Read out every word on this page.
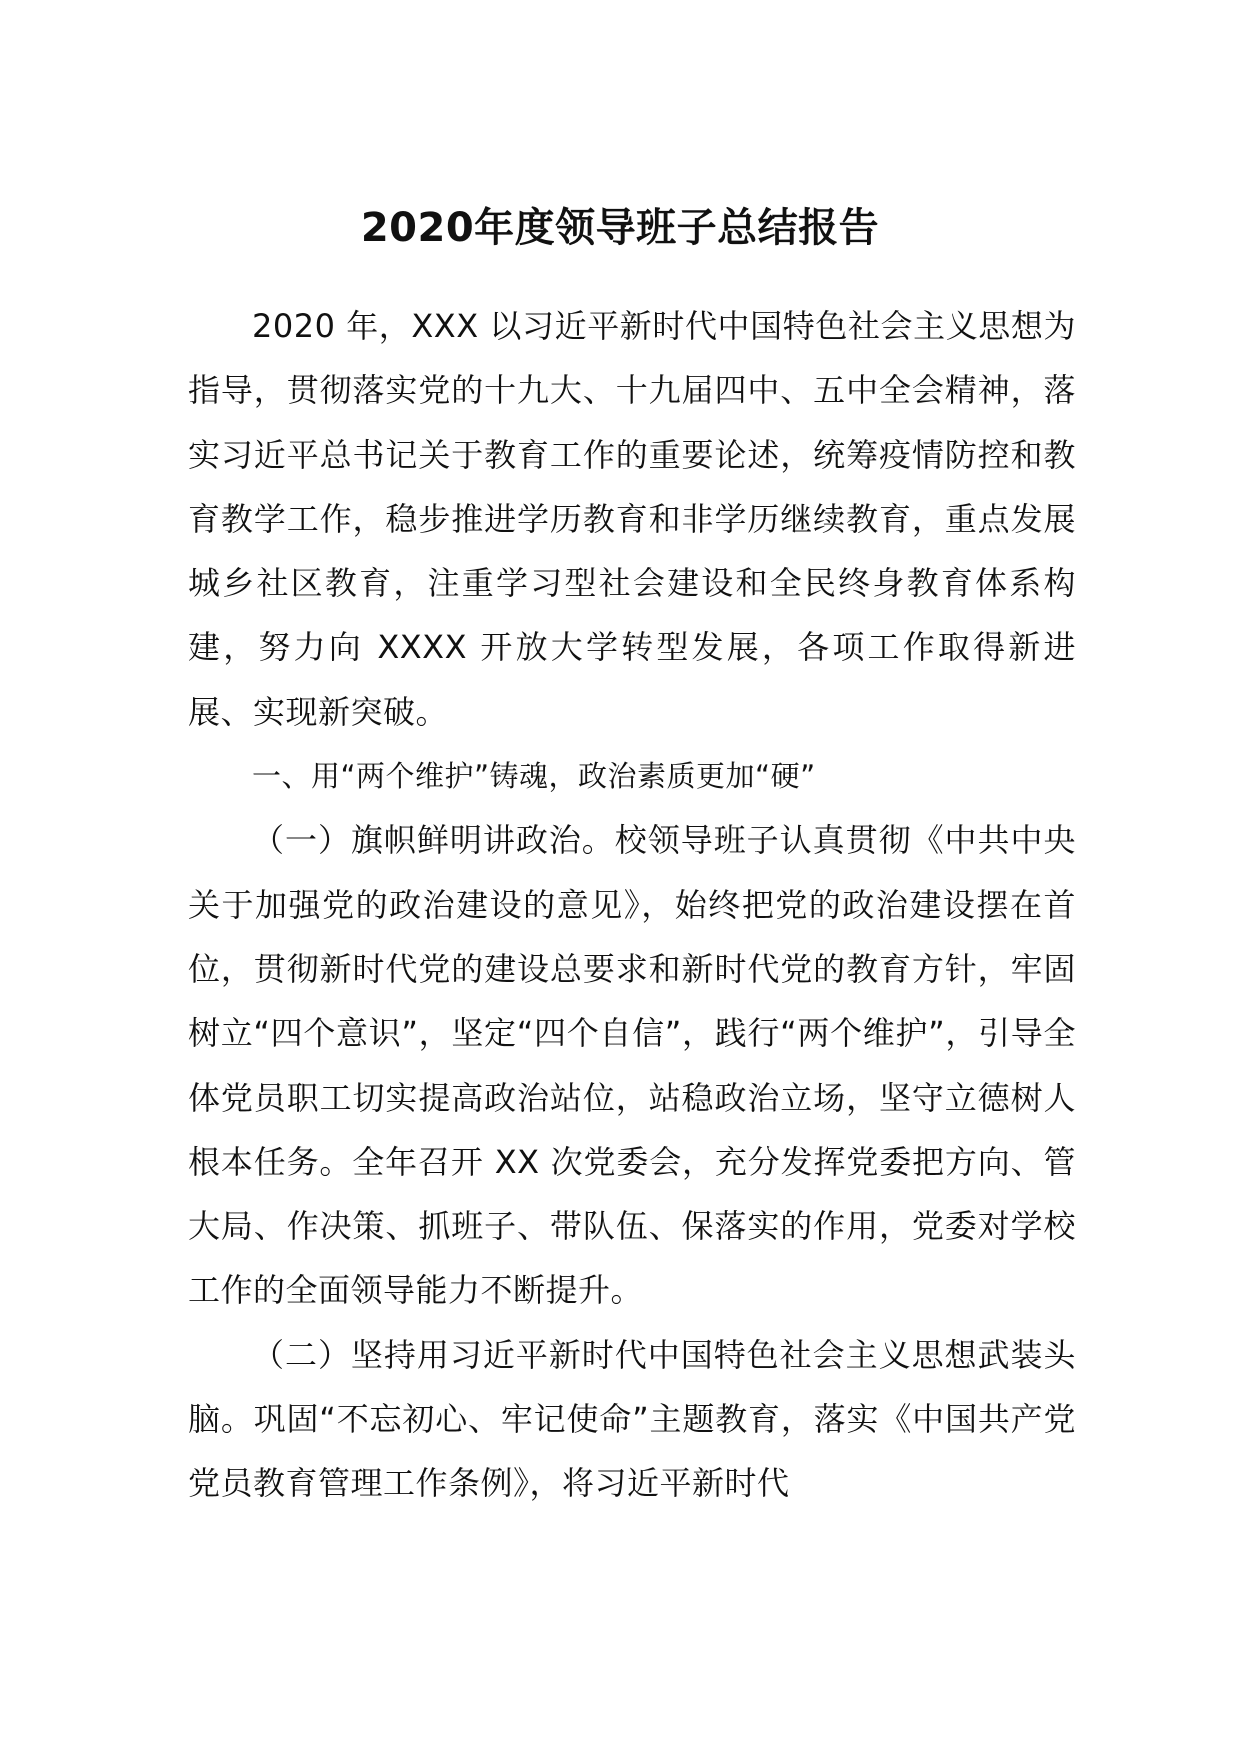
2020年度领导班子总结报告

2020 年，XXX 以习近平新时代中国特色社会主义思想为指导，贯彻落实党的十九大、十九届四中、五中全会精神，落实习近平总书记关于教育工作的重要论述，统筹疫情防控和教育教学工作，稳步推进学历教育和非学历继续教育，重点发展城乡社区教育，注重学习型社会建设和全民终身教育体系构建，努力向 XXXX 开放大学转型发展，各项工作取得新进展、实现新突破。

一、用“两个维护”铸魂，政治素质更加“硬”

（一）旗帜鲜明讲政治。校领导班子认真贯彻《中共中央关于加强党的政治建设的意见》，始终把党的政治建设摆在首位，贯彻新时代党的建设总要求和新时代党的教育方针，牢固树立“四个意识”，坚定“四个自信”，践行“两个维护”，引导全体党员职工切实提高政治站位，站稳政治立场，坚守立德树人根本任务。全年召开 XX 次党委会，充分发挥党委把方向、管大局、作决策、抓班子、带队伍、保落实的作用，党委对学校工作的全面领导能力不断提升。

（二）坚持用习近平新时代中国特色社会主义思想武装头脑。巩固“不忘初心、牢记使命”主题教育，落实《中国共产党党员教育管理工作条例》，将习近平新时代
